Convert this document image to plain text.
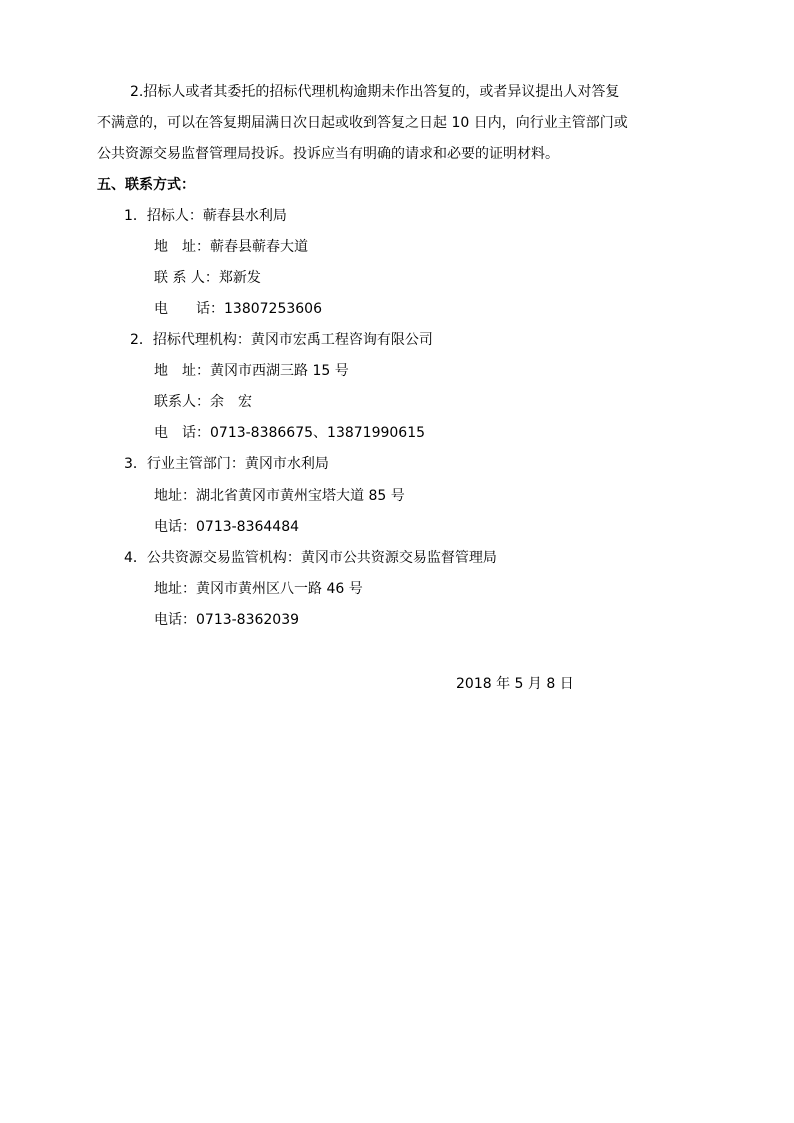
2.招标人或者其委托的招标代理机构逾期未作出答复的，或者异议提出人对答复
不满意的，可以在答复期届满日次日起或收到答复之日起 10 日内，向行业主管部门或
公共资源交易监督管理局投诉。投诉应当有明确的请求和必要的证明材料。
五、联系方式：
1．招标人：蕲春县水利局
地　址：蕲春县蕲春大道
联 系 人：郑新发
电　　话：13807253606
2．招标代理机构：黄冈市宏禹工程咨询有限公司
地　址：黄冈市西湖三路 15 号
联系人：余　宏
电　话：0713-8386675、13871990615
3．行业主管部门：黄冈市水利局
地址：湖北省黄冈市黄州宝塔大道 85 号
电话：0713-8364484
4．公共资源交易监管机构：黄冈市公共资源交易监督管理局
地址：黄冈市黄州区八一路 46 号
电话：0713-8362039
2018 年 5 月 8 日
